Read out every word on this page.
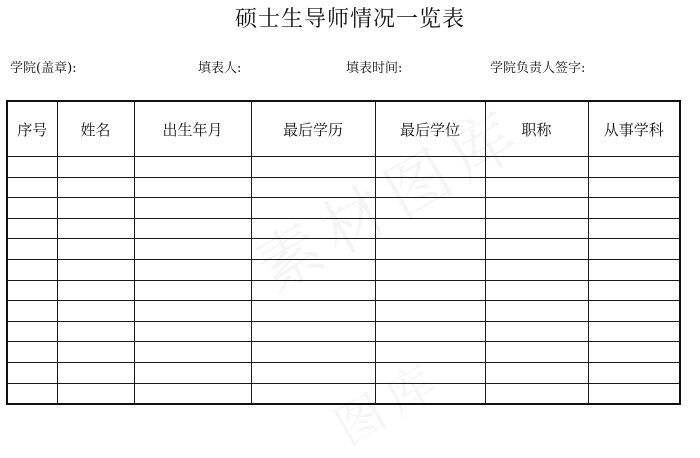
硕士生导师情况一览表
学院(盖章):	填表人:	填表时间:	学院负责人签字:
序号	姓名	出生年月	最后学历	最后学位	职称	从事学科
